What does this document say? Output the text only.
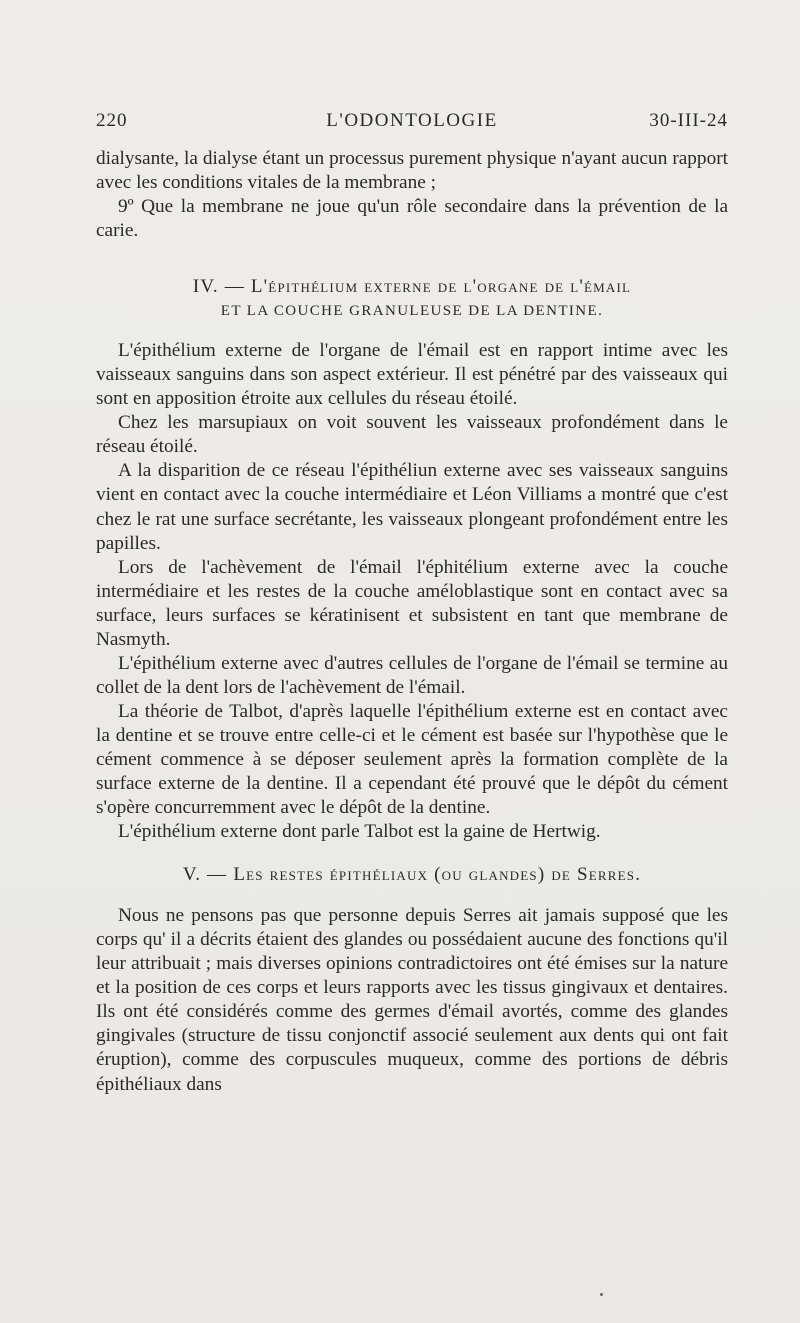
220	L'ODONTOLOGIE	30-III-24

dialysante, la dialyse étant un processus purement physique n'ayant aucun rapport avec les conditions vitales de la membrane ;

9º Que la membrane ne joue qu'un rôle secondaire dans la prévention de la carie.

IV. — L'épithélium externe de l'organe de l'émail
ET LA COUCHE GRANULEUSE DE LA DENTINE.

L'épithélium externe de l'organe de l'émail est en rapport intime avec les vaisseaux sanguins dans son aspect extérieur. Il est pénétré par des vaisseaux qui sont en apposition étroite aux cellules du réseau étoilé.

Chez les marsupiaux on voit souvent les vaisseaux profondément dans le réseau étoilé.

A la disparition de ce réseau l'épithéliun externe avec ses vaisseaux sanguins vient en contact avec la couche intermédiaire et Léon Villiams a montré que c'est chez le rat une surface secrétante, les vaisseaux plongeant profondément entre les papilles.

Lors de l'achèvement de l'émail l'éphitélium externe avec la couche intermédiaire et les restes de la couche améloblastique sont en contact avec sa surface, leurs surfaces se kératinisent et subsistent en tant que membrane de Nasmyth.

L'épithélium externe avec d'autres cellules de l'organe de l'émail se termine au collet de la dent lors de l'achèvement de l'émail.

La théorie de Talbot, d'après laquelle l'épithélium externe est en contact avec la dentine et se trouve entre celle-ci et le cément est basée sur l'hypothèse que le cément commence à se déposer seulement après la formation complète de la surface externe de la dentine. Il a cependant été prouvé que le dépôt du cément s'opère concurremment avec le dépôt de la dentine.

L'épithélium externe dont parle Talbot est la gaine de Hertwig.

V. — Les restes épithéliaux (ou glandes) de Serres.

Nous ne pensons pas que personne depuis Serres ait jamais supposé que les corps qu' il a décrits étaient des glandes ou possédaient aucune des fonctions qu'il leur attribuait ; mais diverses opinions contradictoires ont été émises sur la nature et la position de ces corps et leurs rapports avec les tissus gingivaux et dentaires. Ils ont été considérés comme des germes d'émail avortés, comme des glandes gingivales (structure de tissu conjonctif associé seulement aux dents qui ont fait éruption), comme des corpuscules muqueux, comme des portions de débris épithéliaux dans
